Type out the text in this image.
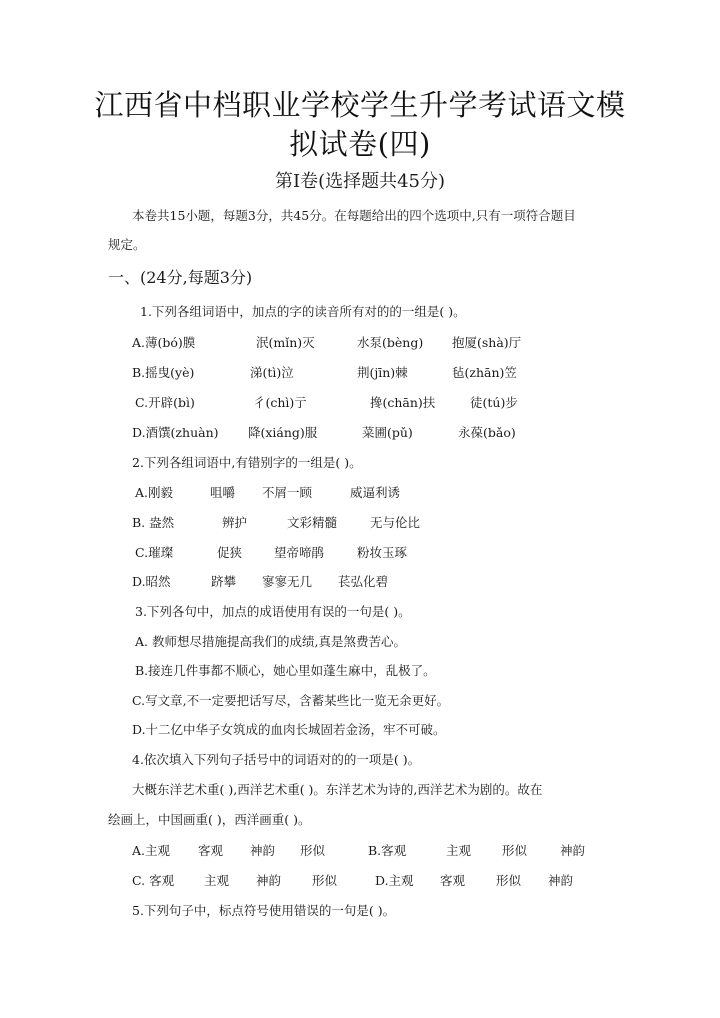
江西省中档职业学校学生升学考试语文模
拟试卷(四)
第Ⅰ卷(选择题共45分)
本卷共15小题，每题3分，共45分。在每题给出的四个选项中,只有一项符合题目
规定。
一、(24分,每题3分)
1.下列各组词语中，加点的字的读音所有对的的一组是( )。
A.薄(bó)膜	泯(mǐn)灭	水泵(bèng) 抱厦(shà)厅
B.摇曳(yè)	涕(tì)泣	荆(jīn)棘	毡(zhān)笠
C.开辟(bì)	彳(chì)亍	搀(chān)扶	徒(tú)步
D.酒馔(zhuàn) 降(xiáng)服	菜圃(pǔ)	永葆(bǎo)
2.下列各组词语中,有错别字的一组是( )。
A.刚毅	咀嚼 不屑一顾	威逼利诱
B. 盎然	辨护	文彩精髓	无与伦比
C.璀璨	促狭	望帝啼鹃	粉妆玉琢
D.昭然	跻攀 寥寥无几 苌弘化碧
3.下列各句中，加点的成语使用有误的一句是( )。
A. 教师想尽措施提高我们的成绩,真是煞费苦心。
B.接连几件事都不顺心，她心里如蓬生麻中，乱极了。
C.写文章,不一定要把话写尽，含蓄某些比一览无余更好。
D.十二亿中华子女筑成的血肉长城固若金汤，牢不可破。
4.依次填入下列句子括号中的词语对的的一项是( )。
大概东洋艺术重( ),西洋艺术重( )。东洋艺术为诗的,西洋艺术为剧的。故在
绘画上，中国画重( )，西洋画重( )。
A.主观 客观 神韵 形似	B.客观	主观 形似	神韵
C. 客观 主观 神韵 形似	D.主观 客观 形似 神韵
5.下列句子中，标点符号使用错误的一句是( )。
